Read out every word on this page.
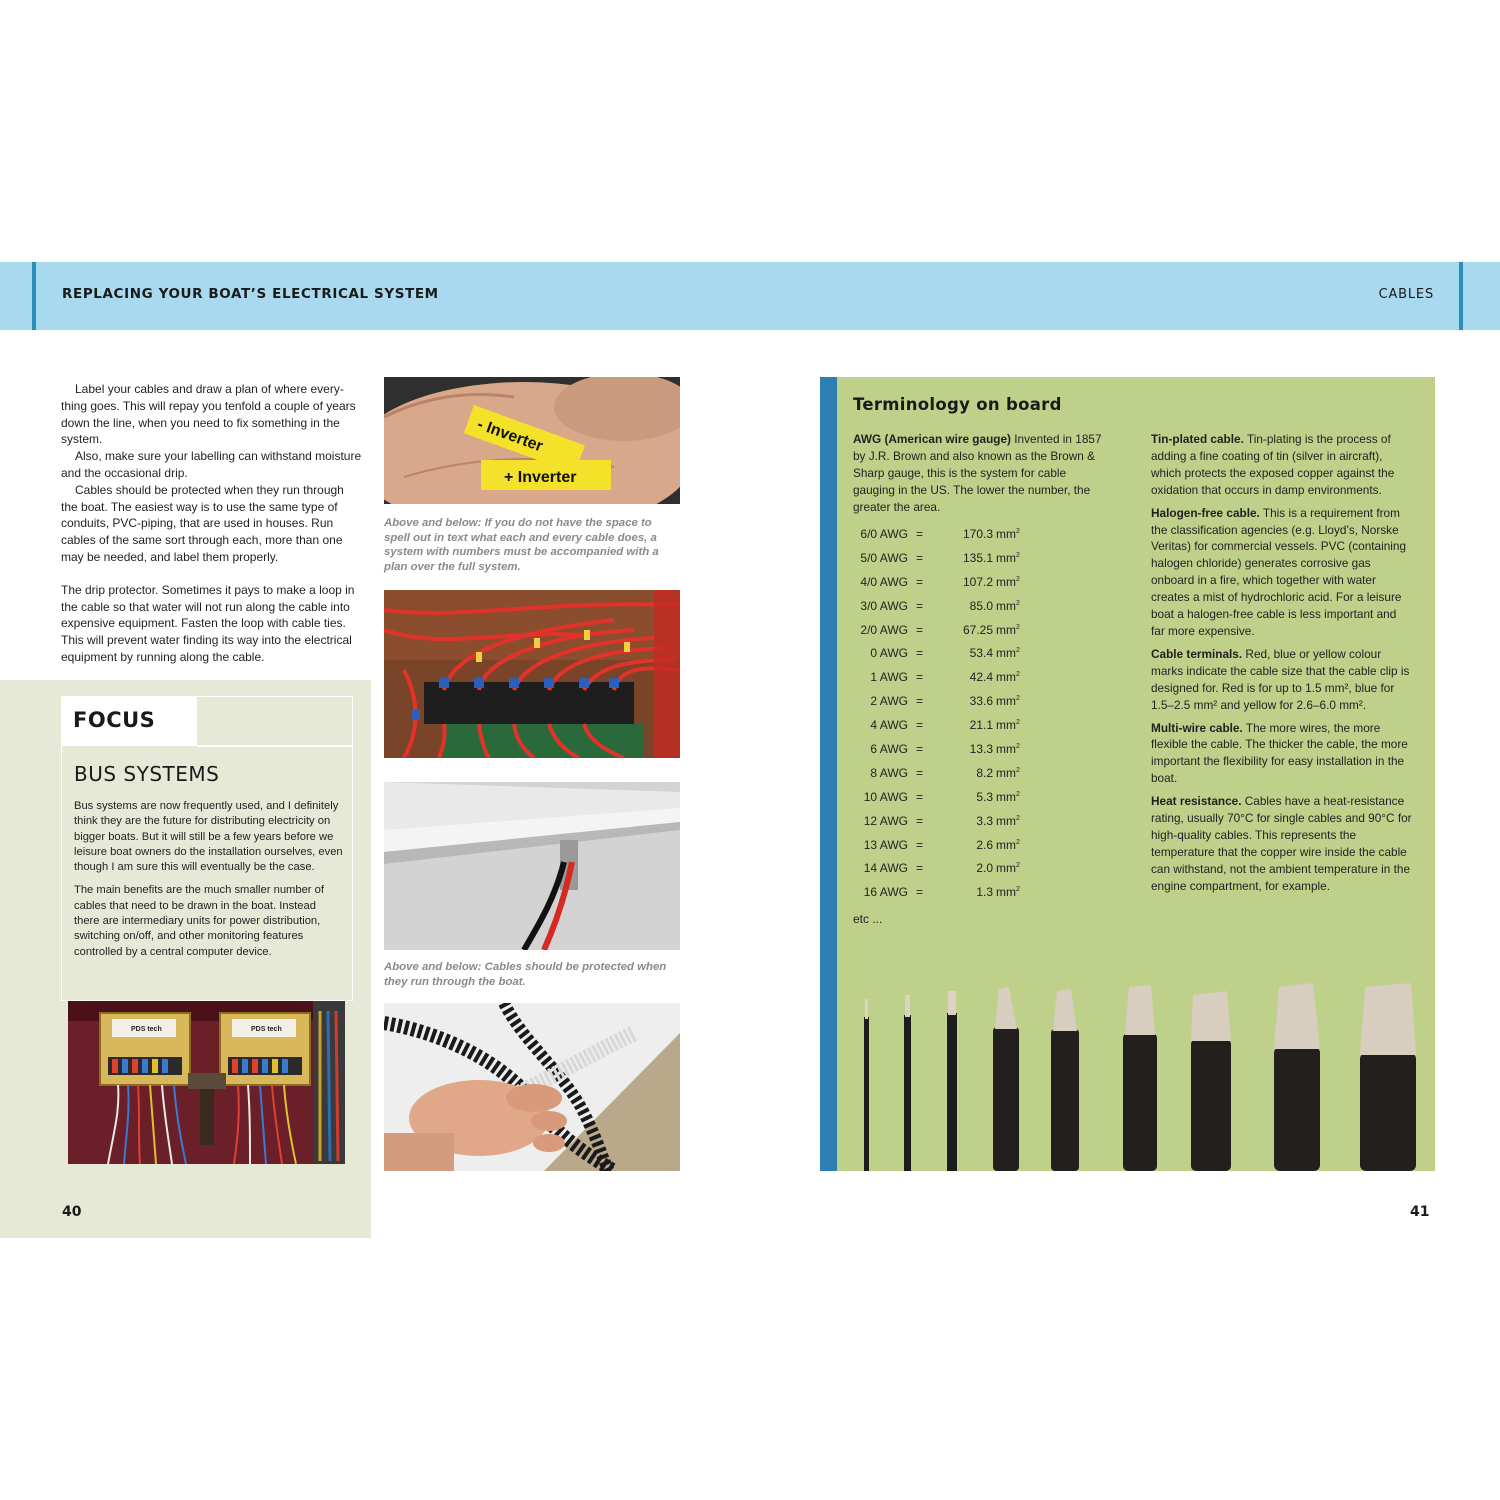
REPLACING YOUR BOAT’S ELECTRICAL SYSTEM	CABLES

Label your cables and draw a plan of where every-thing goes. This will repay you tenfold a couple of years down the line, when you need to fix something in the system.

Also, make sure your labelling can withstand moisture and the occasional drip.

Cables should be protected when they run through the boat. The easiest way is to use the same type of conduits, PVC-piping, that are used in houses. Run cables of the same sort through each, more than one may be needed, and label them properly.

The drip protector. Sometimes it pays to make a loop in the cable so that water will not run along the cable into expensive equipment. Fasten the loop with cable ties. This will prevent water finding its way into the electrical equipment by running along the cable.

FOCUS
BUS SYSTEMS

Bus systems are now frequently used, and I definitely think they are the future for distributing electricity on bigger boats. But it will still be a few years before we leisure boat owners do the installation ourselves, even though I am sure this will eventually be the case.

The main benefits are the much smaller number of cables that need to be drawn in the boat. Instead there are intermediary units for power distribution, switching on/off, and other monitoring features controlled by a central computer device.

PDS tech	PDS tech
40
- Inverter
+ Inverter
Above and below: If you do not have the space to spell out in text what each and every cable does, a system with numbers must be accompanied with a plan over the full system.
Above and below: Cables should be protected when they run through the boat.
Terminology on board

AWG (American wire gauge) Invented in 1857 by J.R. Brown and also known as the Brown & Sharp gauge, this is the system for cable gauging in the US. The lower the number, the greater the area.

6/0 AWG =	170.3 $mm^2$
5/0 AWG =	135.1 $mm^2$
4/0 AWG =	107.2 $mm^2$
3/0 AWG =	85.0 $mm^2$
2/0 AWG =	67.25 $mm^2$
0 AWG =	53.4 $mm^2$
1 AWG =	42.4 $mm^2$
2 AWG =	33.6 $mm^2$
4 AWG =	21.1 $mm^2$
6 AWG =	13.3 $mm^2$
8 AWG =	8.2 $mm^2$
10 AWG =	5.3 $mm^2$
12 AWG =	3.3 $mm^2$
13 AWG =	2.6 $mm^2$
14 AWG =	2.0 $mm^2$
16 AWG =	1.3 $mm^2$
etc ...

Tin-plated cable. Tin-plating is the process of adding a fine coating of tin (silver in aircraft), which protects the exposed copper against the oxidation that occurs in damp environments.

Halogen-free cable. This is a requirement from the classification agencies (e.g. Lloyd’s, Norske Veritas) for commercial vessels. PVC (containing halogen chloride) generates corrosive gas onboard in a fire, which together with water creates a mist of hydrochloric acid. For a leisure boat a halogen-free cable is less important and far more expensive.

Cable terminals. Red, blue or yellow colour marks indicate the cable size that the cable clip is designed for. Red is for up to 1.5 mm², blue for 1.5–2.5 mm² and yellow for 2.6–6.0 mm².

Multi-wire cable. The more wires, the more flexible the cable. The thicker the cable, the more important the flexibility for easy installation in the boat.

Heat resistance. Cables have a heat-resistance rating, usually 70°C for single cables and 90°C for high-quality cables. This represents the temperature that the copper wire inside the cable can withstand, not the ambient temperature in the engine compartment, for example.

41
